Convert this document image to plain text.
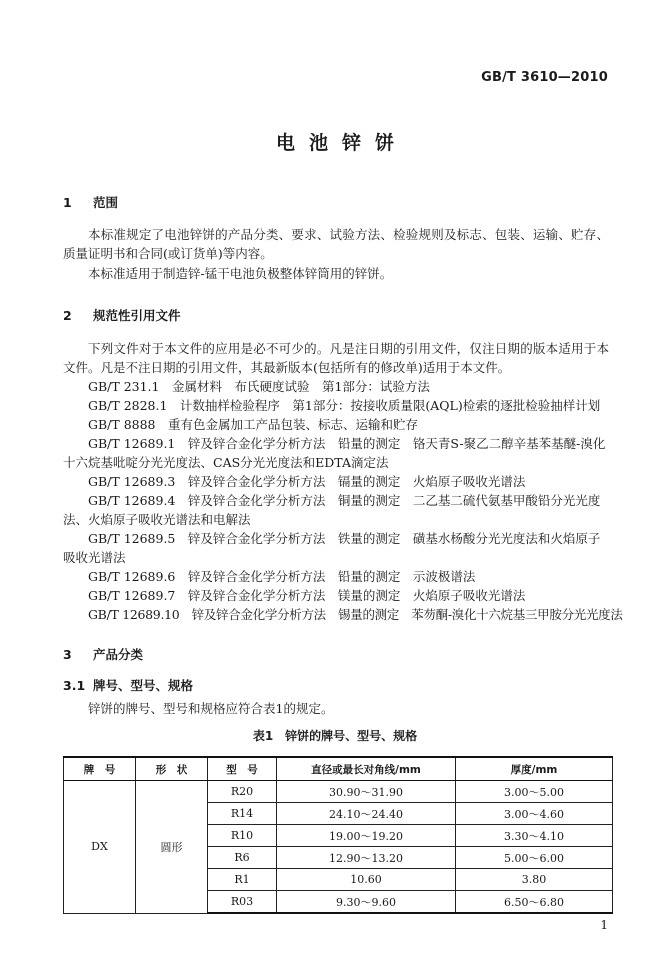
GB/T 3610—2010
电池锌饼
1 范围
本标准规定了电池锌饼的产品分类、要求、试验方法、检验规则及标志、包装、运输、贮存、质量证明书和合同(或订货单)等内容。
本标准适用于制造锌-锰干电池负极整体锌筒用的锌饼。
2 规范性引用文件
下列文件对于本文件的应用是必不可少的。凡是注日期的引用文件，仅注日期的版本适用于本文件。凡是不注日期的引用文件，其最新版本(包括所有的修改单)适用于本文件。
GB/T 231.1　金属材料　布氏硬度试验　第1部分：试验方法
GB/T 2828.1　计数抽样检验程序　第1部分：按接收质量限(AQL)检索的逐批检验抽样计划
GB/T 8888　重有色金属加工产品包装、标志、运输和贮存
GB/T 12689.1　锌及锌合金化学分析方法　铅量的测定　铬天青S-聚乙二醇辛基苯基醚-溴化十六烷基吡啶分光光度法、CAS分光光度法和EDTA滴定法
GB/T 12689.3　锌及锌合金化学分析方法　镉量的测定　火焰原子吸收光谱法
GB/T 12689.4　锌及锌合金化学分析方法　铜量的测定　二乙基二硫代氨基甲酸铅分光光度法、火焰原子吸收光谱法和电解法
GB/T 12689.5　锌及锌合金化学分析方法　铁量的测定　磺基水杨酸分光光度法和火焰原子吸收光谱法
GB/T 12689.6　锌及锌合金化学分析方法　铅量的测定　示波极谱法
GB/T 12689.7　锌及锌合金化学分析方法　镁量的测定　火焰原子吸收光谱法
GB/T 12689.10　锌及锌合金化学分析方法　锡量的测定　苯芴酮-溴化十六烷基三甲胺分光光度法
3 产品分类
3.1 牌号、型号、规格
锌饼的牌号、型号和规格应符合表1的规定。
表1　锌饼的牌号、型号、规格
牌　号	形　状	型　号	直径或最长对角线/mm	厚度/mm
DX	圆形	R20	30.90～31.90	3.00～5.00
		R14	24.10～24.40	3.00～4.60
		R10	19.00～19.20	3.30～4.10
		R6	12.90～13.20	5.00～6.00
		R1	10.60	3.80
		R03	9.30～9.60	6.50～6.80
1
